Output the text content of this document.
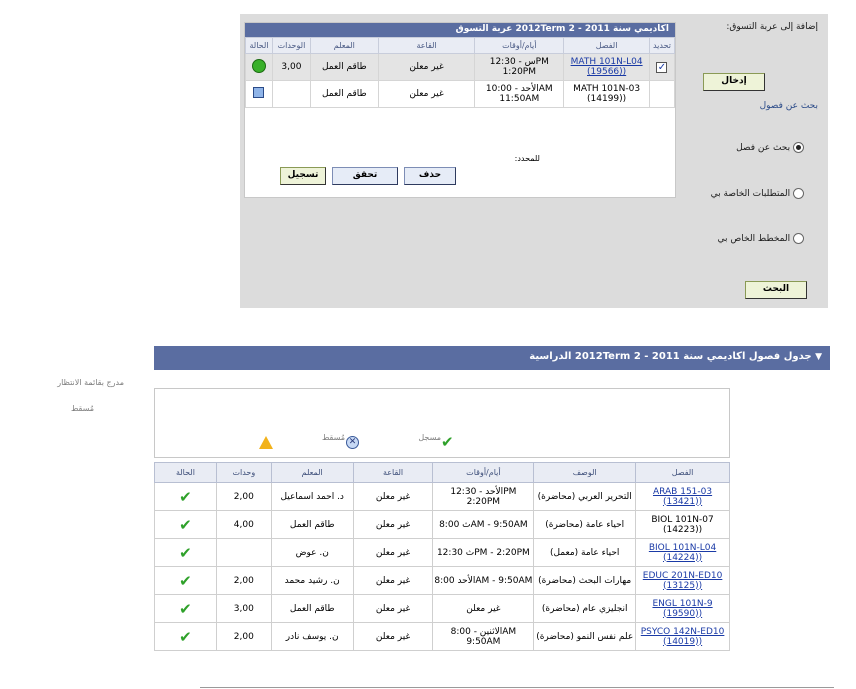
اكاديمي سنة 2011 - 2 2012Term عربة التسوق
الحالة	الوحدات	المعلم	القاعة	أيام/أوقات	الفصل	تحديد
	3,00	طاقم العمل	غير معلن	س - 12:30PM 1:20PM	MATH 101N-L04 (19566))	✓
		طاقم العمل	غير معلن	الأحد - 10:00AM 11:50AM	MATH 101N-03 (14199))	
للمحدد:
حذف
تحقق
تسجيل
إضافة إلى عربة التسوق:
إدخال
بحث عن فصول
بحث عن فصل
المتطلبات الخاصة بي
المخطط الخاص بي
البحث
▼ جدول فصول اكاديمي سنة 2011 - 2 2012Term الدراسية
مدرج بقائمة الانتظار
مُسقط
✕
مُسقط	✔
مسجل
الحالة	وحدات	المعلم	القاعة	أيام/أوقات	الوصف	الفصل
✔	2,00	د. احمد اسماعيل	غير معلن	الأحد - 12:30PM 2:20PM	التحرير العربي (محاضرة)	ARAB 151-03 (13421))
✔	4,00	طاقم العمل	غير معلن	ث 8:00AM - 9:50AM	احياء عامة (محاضرة)	BIOL 101N-07 (14223))
✔		ن. عوض	غير معلن	ث 12:30PM - 2:20PM	احياء عامة (معمل)	BIOL 101N-L04 (14224))
✔	2,00	ن. رشيد محمد	غير معلن	الأحد 8:00AM - 9:50AM	مهارات البحث (محاضرة)	EDUC 201N-ED10 (13125))
✔	3,00	طاقم العمل	غير معلن	غير معلن	انجليزي عام (محاضرة)	ENGL 101N-9 (19590))
✔	2,00	ن. يوسف نادر	غير معلن	الاثنين - 8:00AM 9:50AM	علم نفس النمو (محاضرة)	PSYCO 142N-ED10 (14019))
